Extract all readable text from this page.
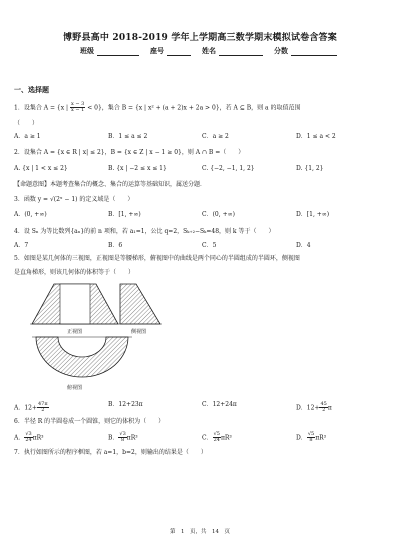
博野县高中 2018-2019 学年上学期高三数学期末模拟试卷含答案
班级	座号	姓名	分数
一、选择题
1．设集合 A = {x | $\frac{x - 3}{x - 1} < 0$}，集合 B = {x | x² + (a + 2)x + 2a > 0}，若 A ⊆ B，则 a 的取值范围
（　　）
A．a ≥ 1	B．1 ≤ a ≤ 2	C．a ≥ 2	D．1 ≤ a < 2
2．设集合 A = {x ∈ R | x| ≤ 2}，B = {x ∈ Z | x − 1 ≥ 0}，则 A ∩ B =（　　）
A. {x | 1 < x ≤ 2}	B. {x | −2 ≤ x ≤ 1}	C. {−2, −1, 1, 2}	D. {1, 2}
【命题意图】本题考查集合的概念、集合的运算等基础知识，属送分题．
3．函数 y = √(2ˣ − 1) 的定义域是（　　）
A．(0, +∞)	B．[1, +∞)	C．(0, +∞)	D．[1, +∞)
4．设 Sₙ 为等比数列{aₙ}的前 n 项和，若 a₁=1，公比 q=2，Sₖ₊₂−Sₖ=48，则 k 等于（　　）
A．7	B．6	C．5	D．4
5．如图是某几何体的三视图，正视图是等腰梯形，俯视图中的曲线是两个同心的半圆组成的半圆环，侧视图
是直角梯形，则该几何体的体积等于（　　）
正视图	侧视图
俯视图
A．$12+ \frac{47\pi}{2}$	B．12+23π	C．12+24π	D．$12+ \frac{45}{2}$ π
6．半径 R 的半圆卷成一个圆锥，则它的体积为（　　）
A． $\frac{√3}{24} \pi R^3$	B． $\frac{√3}{8} \pi R^3$	C． $\frac{√5}{24} \pi R^3$	D． $\frac{√5}{8} \pi R^3$
7．执行如图所示的程序框图，若 a=1，b=2，则输出的结果是（　　）
第　1　页，共　14　页
